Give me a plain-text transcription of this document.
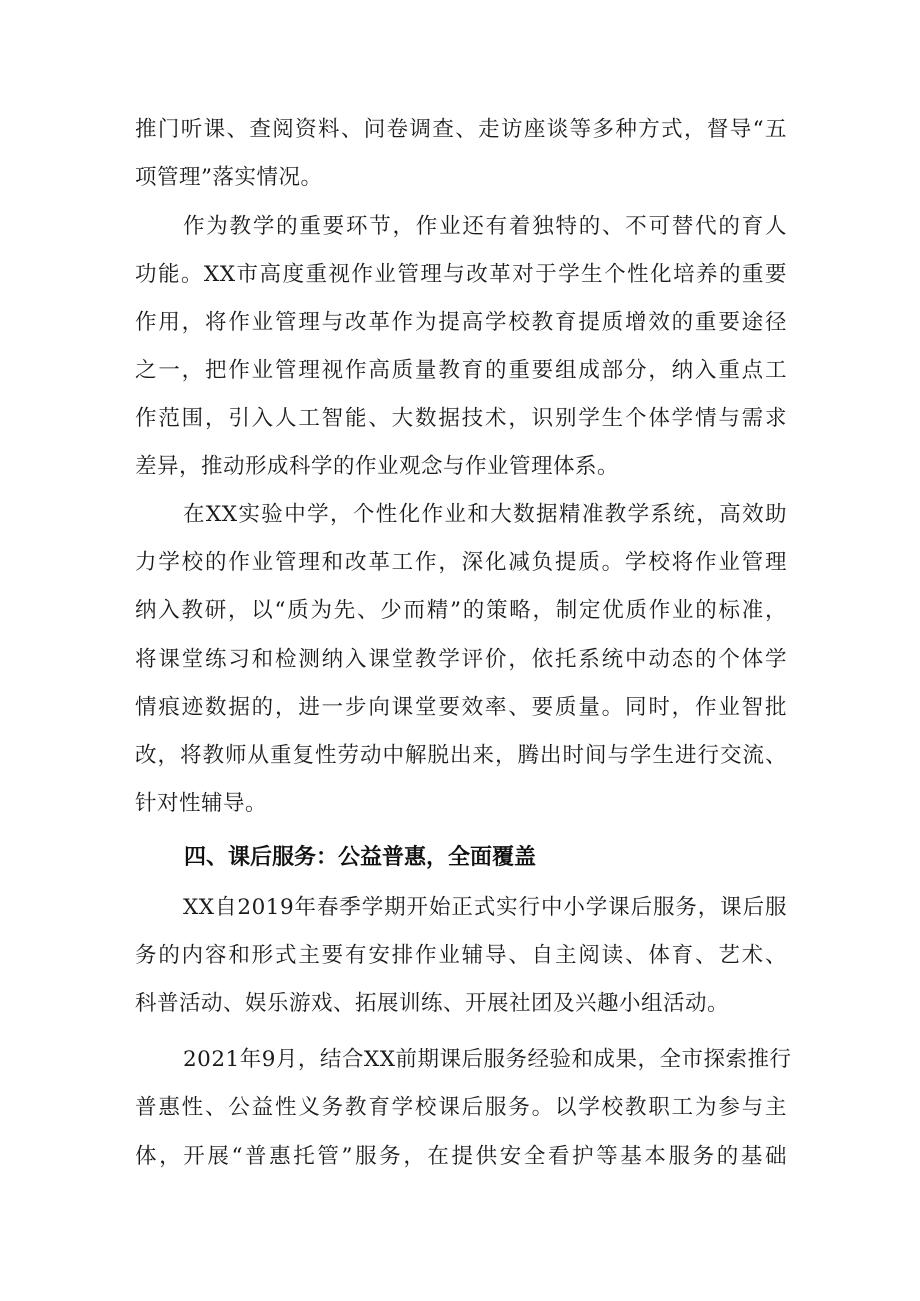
推门听课、查阅资料、问卷调查、走访座谈等多种方式，督导“五
项管理”落实情况。
作为教学的重要环节，作业还有着独特的、不可替代的育人
功能。XX市高度重视作业管理与改革对于学生个性化培养的重要
作用，将作业管理与改革作为提高学校教育提质增效的重要途径
之一，把作业管理视作高质量教育的重要组成部分，纳入重点工
作范围，引入人工智能、大数据技术，识别学生个体学情与需求
差异，推动形成科学的作业观念与作业管理体系。
在XX实验中学，个性化作业和大数据精准教学系统，高效助
力学校的作业管理和改革工作，深化减负提质。学校将作业管理
纳入教研，以“质为先、少而精”的策略，制定优质作业的标准，
将课堂练习和检测纳入课堂教学评价，依托系统中动态的个体学
情痕迹数据的，进一步向课堂要效率、要质量。同时，作业智批
改，将教师从重复性劳动中解脱出来，腾出时间与学生进行交流、
针对性辅导。
四、课后服务：公益普惠，全面覆盖
XX自2019年春季学期开始正式实行中小学课后服务，课后服
务的内容和形式主要有安排作业辅导、自主阅读、体育、艺术、
科普活动、娱乐游戏、拓展训练、开展社团及兴趣小组活动。
2021年9月，结合XX前期课后服务经验和成果，全市探索推行
普惠性、公益性义务教育学校课后服务。以学校教职工为参与主
体，开展“普惠托管”服务，在提供安全看护等基本服务的基础
